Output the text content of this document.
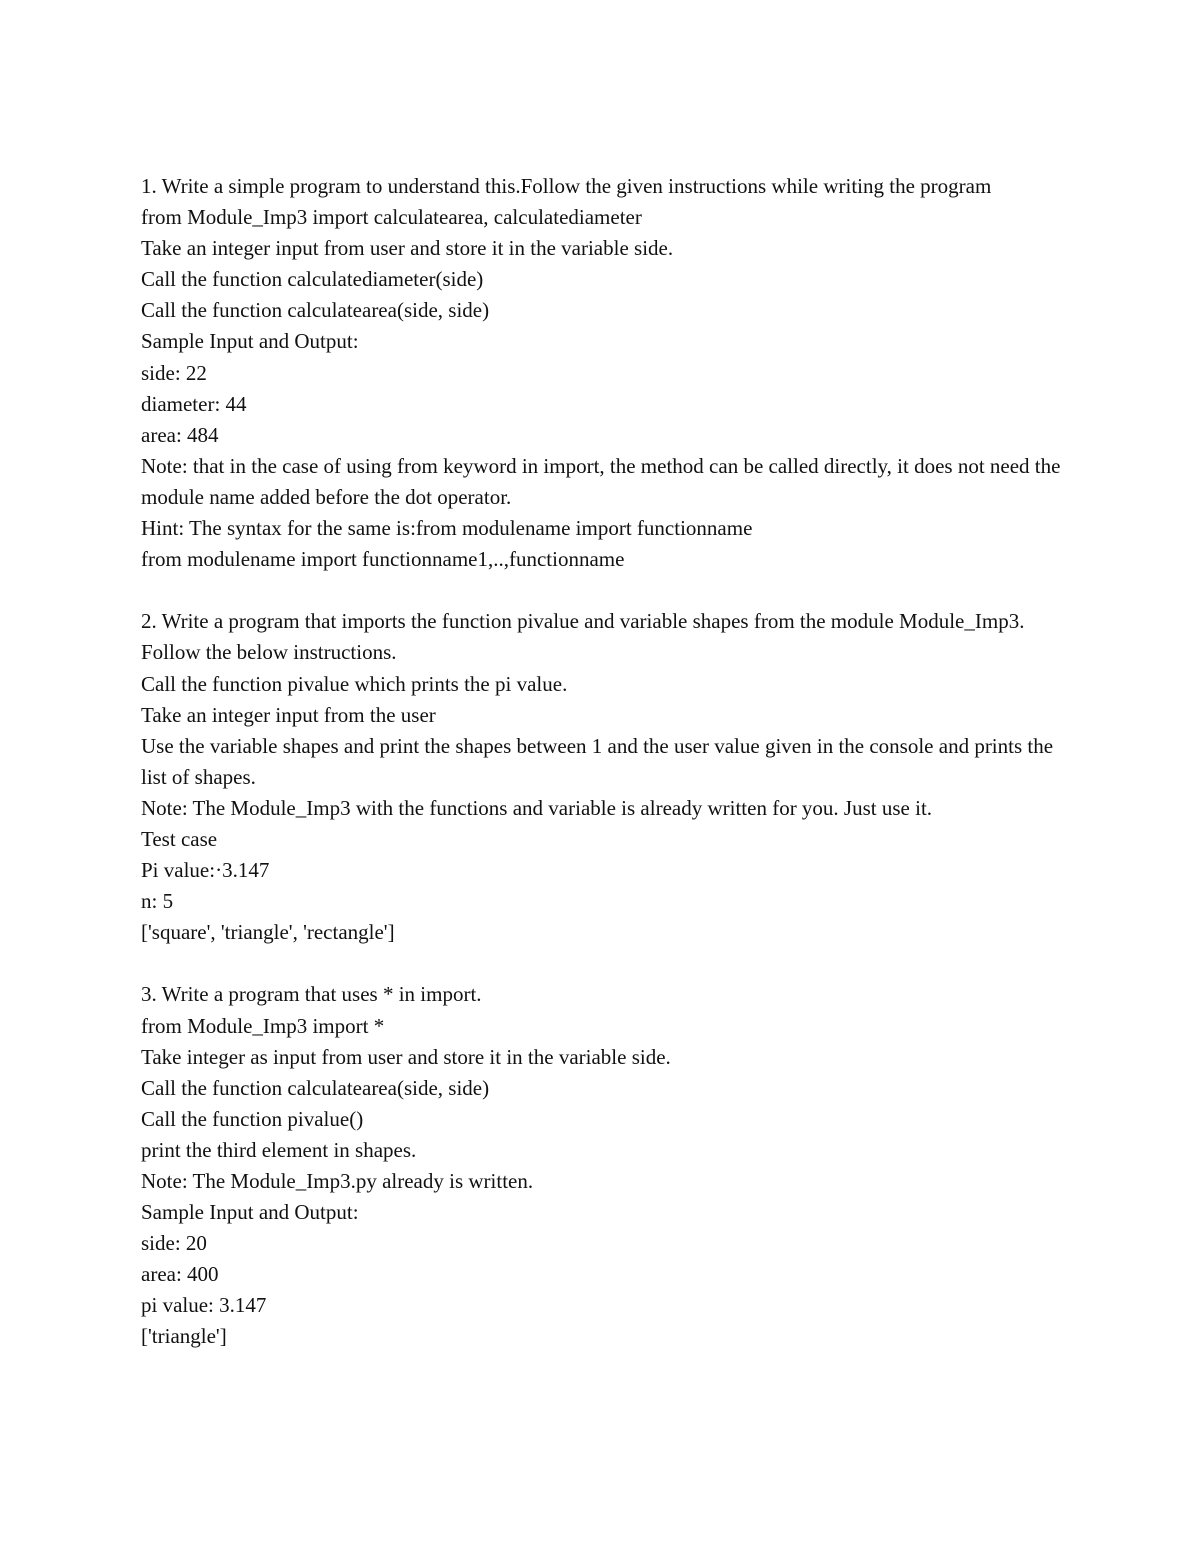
1. Write a simple program to understand this.Follow the given instructions while writing the program

from Module_Imp3 import calculatearea, calculatediameter

Take an integer input from user and store it in the variable side.

Call the function calculatediameter(side)

Call the function calculatearea(side, side)

Sample Input and Output:

side: 22

diameter: 44

area: 484

Note: that in the case of using from keyword in import, the method can be called directly, it does not need the module name added before the dot operator.

Hint: The syntax for the same is:from modulename import functionname

from modulename import functionname1,..,functionname

2. Write a program that imports the function pivalue and variable shapes from the module Module_Imp3.

Follow the below instructions.

Call the function pivalue which prints the pi value.

Take an integer input from the user

Use the variable shapes and print the shapes between 1 and the user value given in the console and prints the list of shapes.

Note: The Module_Imp3 with the functions and variable is already written for you. Just use it.

Test case

Pi value:·3.147

n: 5

['square', 'triangle', 'rectangle']

3. Write a program that uses * in import.

from Module_Imp3 import *

Take integer as input from user and store it in the variable side.

Call the function calculatearea(side, side)

Call the function pivalue()

print the third element in shapes.

Note: The Module_Imp3.py already is written.

Sample Input and Output:

side: 20

area: 400

pi value: 3.147

['triangle']
